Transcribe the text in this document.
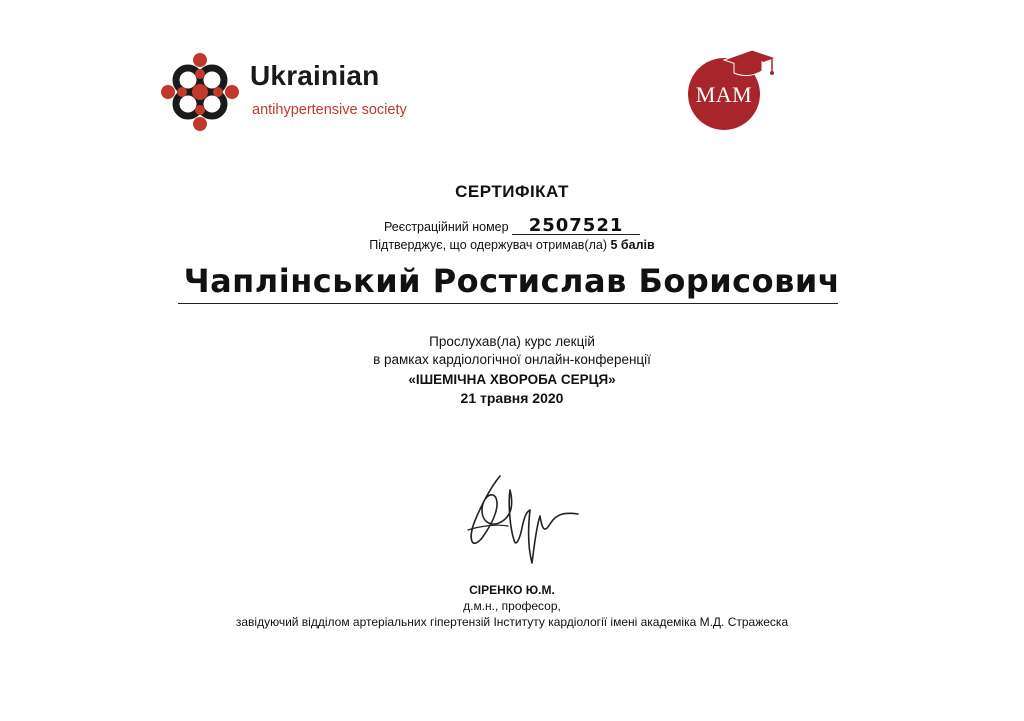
Ukrainian
antihypertensive society
МАМ
СЕРТИФІКАТ
Реєстраційний номер 2507521
Підтверджує, що одержувач отримав(ла) 5 балів
Чаплінський Ростислав Борисович
Прослухав(ла) курс лекцій
в рамках кардіологічної онлайн-конференції
«ІШЕМІЧНА ХВОРОБА СЕРЦЯ»
21 травня 2020
СІРЕНКО Ю.М.
д.м.н., професор,
завідуючий відділом артеріальних гіпертензій Інституту кардіології імені академіка М.Д. Стражеска
